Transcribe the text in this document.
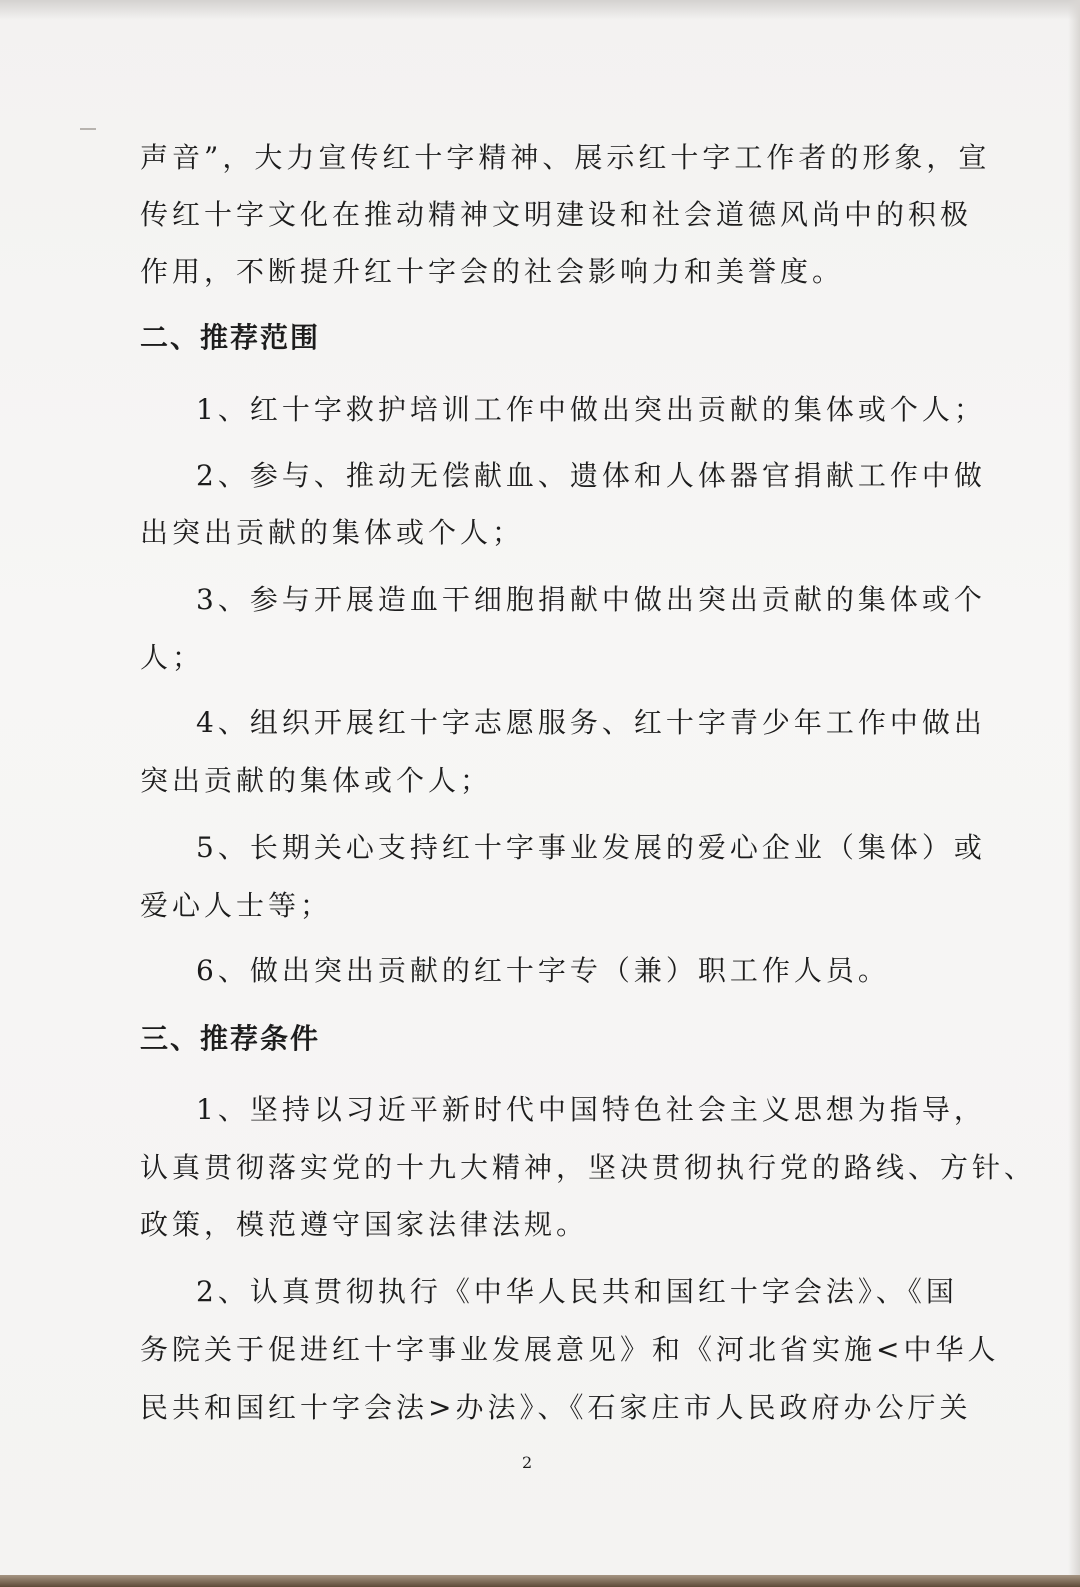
声音”，大力宣传红十字精神、展示红十字工作者的形象，宣
传红十字文化在推动精神文明建设和社会道德风尚中的积极
作用，不断提升红十字会的社会影响力和美誉度。
二、推荐范围
1、红十字救护培训工作中做出突出贡献的集体或个人；
2、参与、推动无偿献血、遗体和人体器官捐献工作中做
出突出贡献的集体或个人；
3、参与开展造血干细胞捐献中做出突出贡献的集体或个
人；
4、组织开展红十字志愿服务、红十字青少年工作中做出
突出贡献的集体或个人；
5、长期关心支持红十字事业发展的爱心企业（集体）或
爱心人士等；
6、做出突出贡献的红十字专（兼）职工作人员。
三、推荐条件
1、坚持以习近平新时代中国特色社会主义思想为指导，
认真贯彻落实党的十九大精神，坚决贯彻执行党的路线、方针、
政策，模范遵守国家法律法规。
2、认真贯彻执行《中华人民共和国红十字会法》、《国
务院关于促进红十字事业发展意见》和《河北省实施<中华人
民共和国红十字会法>办法》、《石家庄市人民政府办公厅关
2
